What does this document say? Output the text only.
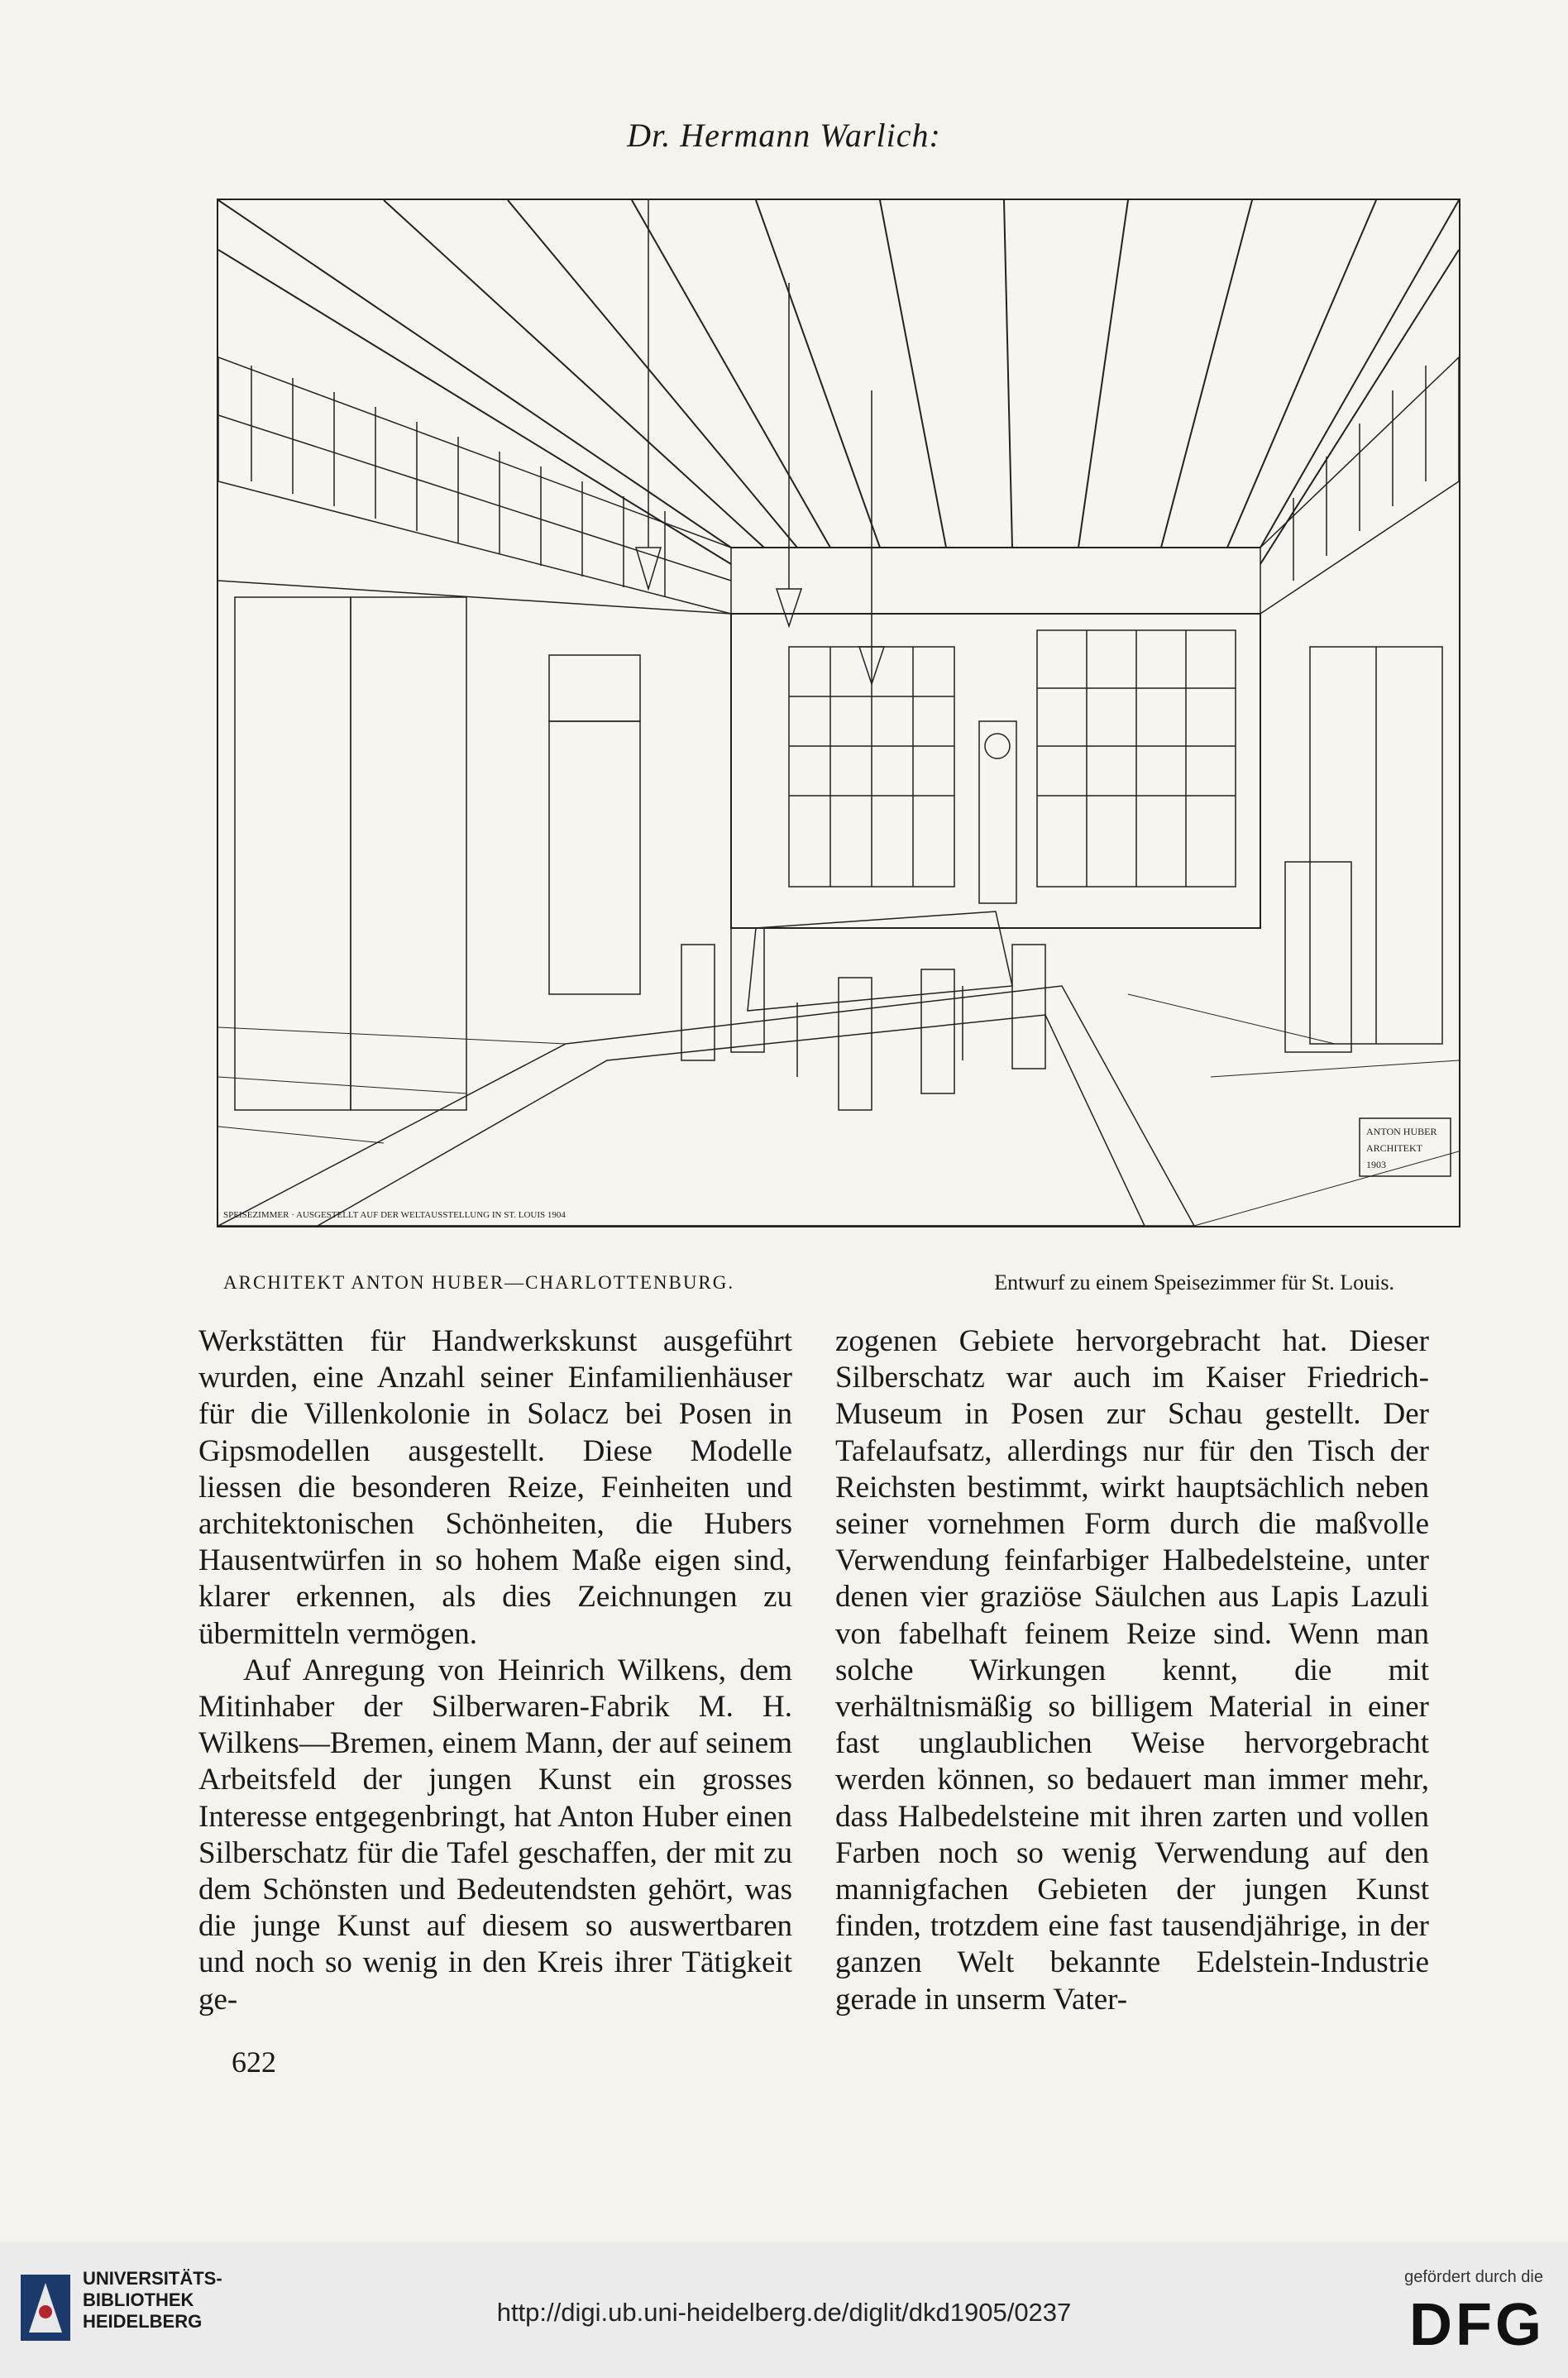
Dr. Hermann Warlich:
SPEISEZIMMER · AUSGESTELLT AUF DER WELTAUSSTELLUNG IN ST. LOUIS 1904
ANTON HUBER
ARCHITEKT
1903
ARCHITEKT ANTON HUBER—CHARLOTTENBURG.	Entwurf zu einem Speisezimmer für St. Louis.

Werkstätten für Handwerkskunst ausgeführt wurden, eine Anzahl seiner Einfamilienhäuser für die Villenkolonie in Solacz bei Posen in Gipsmodellen ausgestellt. Diese Modelle liessen die besonderen Reize, Feinheiten und architektonischen Schönheiten, die Hubers Hausentwürfen in so hohem Maße eigen sind, klarer erkennen, als dies Zeichnungen zu übermitteln vermögen.

Auf Anregung von Heinrich Wilkens, dem Mitinhaber der Silberwaren-Fabrik M. H. Wilkens—Bremen, einem Mann, der auf seinem Arbeitsfeld der jungen Kunst ein grosses Interesse entgegenbringt, hat Anton Huber einen Silberschatz für die Tafel geschaffen, der mit zu dem Schönsten und Bedeutendsten gehört, was die junge Kunst auf diesem so auswertbaren und noch so wenig in den Kreis ihrer Tätigkeit ge-

zogenen Gebiete hervorgebracht hat. Dieser Silberschatz war auch im Kaiser Friedrich-Museum in Posen zur Schau gestellt. Der Tafelaufsatz, allerdings nur für den Tisch der Reichsten bestimmt, wirkt hauptsächlich neben seiner vornehmen Form durch die maßvolle Verwendung feinfarbiger Halbedelsteine, unter denen vier graziöse Säulchen aus Lapis Lazuli von fabelhaft feinem Reize sind. Wenn man solche Wirkungen kennt, die mit verhältnismäßig so billigem Material in einer fast unglaublichen Weise hervorgebracht werden können, so bedauert man immer mehr, dass Halbedelsteine mit ihren zarten und vollen Farben noch so wenig Verwendung auf den mannigfachen Gebieten der jungen Kunst finden, trotzdem eine fast tausendjährige, in der ganzen Welt bekannte Edelstein-Industrie gerade in unserm Vater-

622
UNIVERSITÄTS-
BIBLIOTHEK
HEIDELBERG	http://digi.ub.uni-heidelberg.de/diglit/dkd1905/0237
gefördert durch die
DFG
